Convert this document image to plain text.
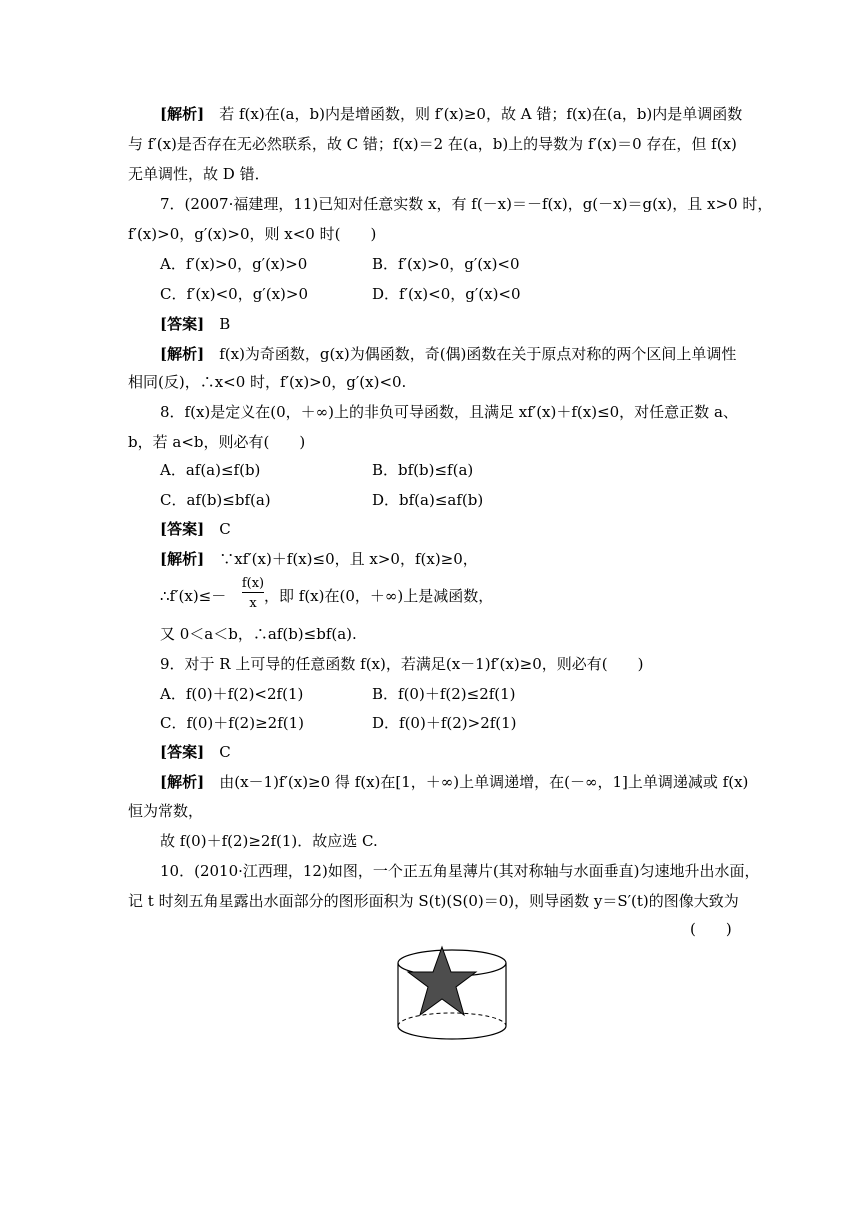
[解析]　 若 f(x)在(a，b)内是增函数，则 f′(x)≥0，故 A 错；f(x)在(a，b)内是单调函数
与 f′(x)是否存在无必然联系，故 C 错；f(x)＝2 在(a，b)上的导数为 f′(x)＝0 存在，但 f(x)
无单调性，故 D 错．
7．(2007·福建理，11)已知对任意实数 x，有 f(－x)＝－f(x)，g(－x)＝g(x)，且 x>0 时，
f′(x)>0，g′(x)>0，则 x<0 时(　　)
A．f′(x)>0，g′(x)>0	B．f′(x)>0，g′(x)<0
C．f′(x)<0，g′(x)>0	D．f′(x)<0，g′(x)<0
[答案]　 B
[解析]　 f(x)为奇函数，g(x)为偶函数，奇(偶)函数在关于原点对称的两个区间上单调性
相同(反)，∴x<0 时，f′(x)>0，g′(x)<0.
8．f(x)是定义在(0，＋∞)上的非负可导函数，且满足 xf′(x)＋f(x)≤0，对任意正数 a、
b，若 a<b，则必有(　　)
A．af(a)≤f(b)	B．bf(b)≤f(a)
C．af(b)≤bf(a)	D．bf(a)≤af(b)
[答案]　 C
[解析]　 ∵xf′(x)＋f(x)≤0，且 x>0，f(x)≥0，
∴f′(x)≤－
f(x)
x ，即 f(x)在(0，＋∞)上是减函数，
又 0＜a＜b，∴af(b)≤bf(a).
9．对于 R 上可导的任意函数 f(x)，若满足(x－1)f′(x)≥0，则必有(　　)
A．f(0)＋f(2)<2f(1)	B．f(0)＋f(2)≤2f(1)
C．f(0)＋f(2)≥2f(1)	D．f(0)＋f(2)>2f(1)
[答案]　 C
[解析]　 由(x－1)f′(x)≥0 得 f(x)在[1，＋∞)上单调递增，在(－∞，1]上单调递减或 f(x)
恒为常数，
故 f(0)＋f(2)≥2f(1)．故应选 C.
10．(2010·江西理，12)如图，一个正五角星薄片(其对称轴与水面垂直)匀速地升出水面，
记 t 时刻五角星露出水面部分的图形面积为 S(t)(S(0)＝0)，则导函数 y＝S′(t)的图像大致为
(　　)
